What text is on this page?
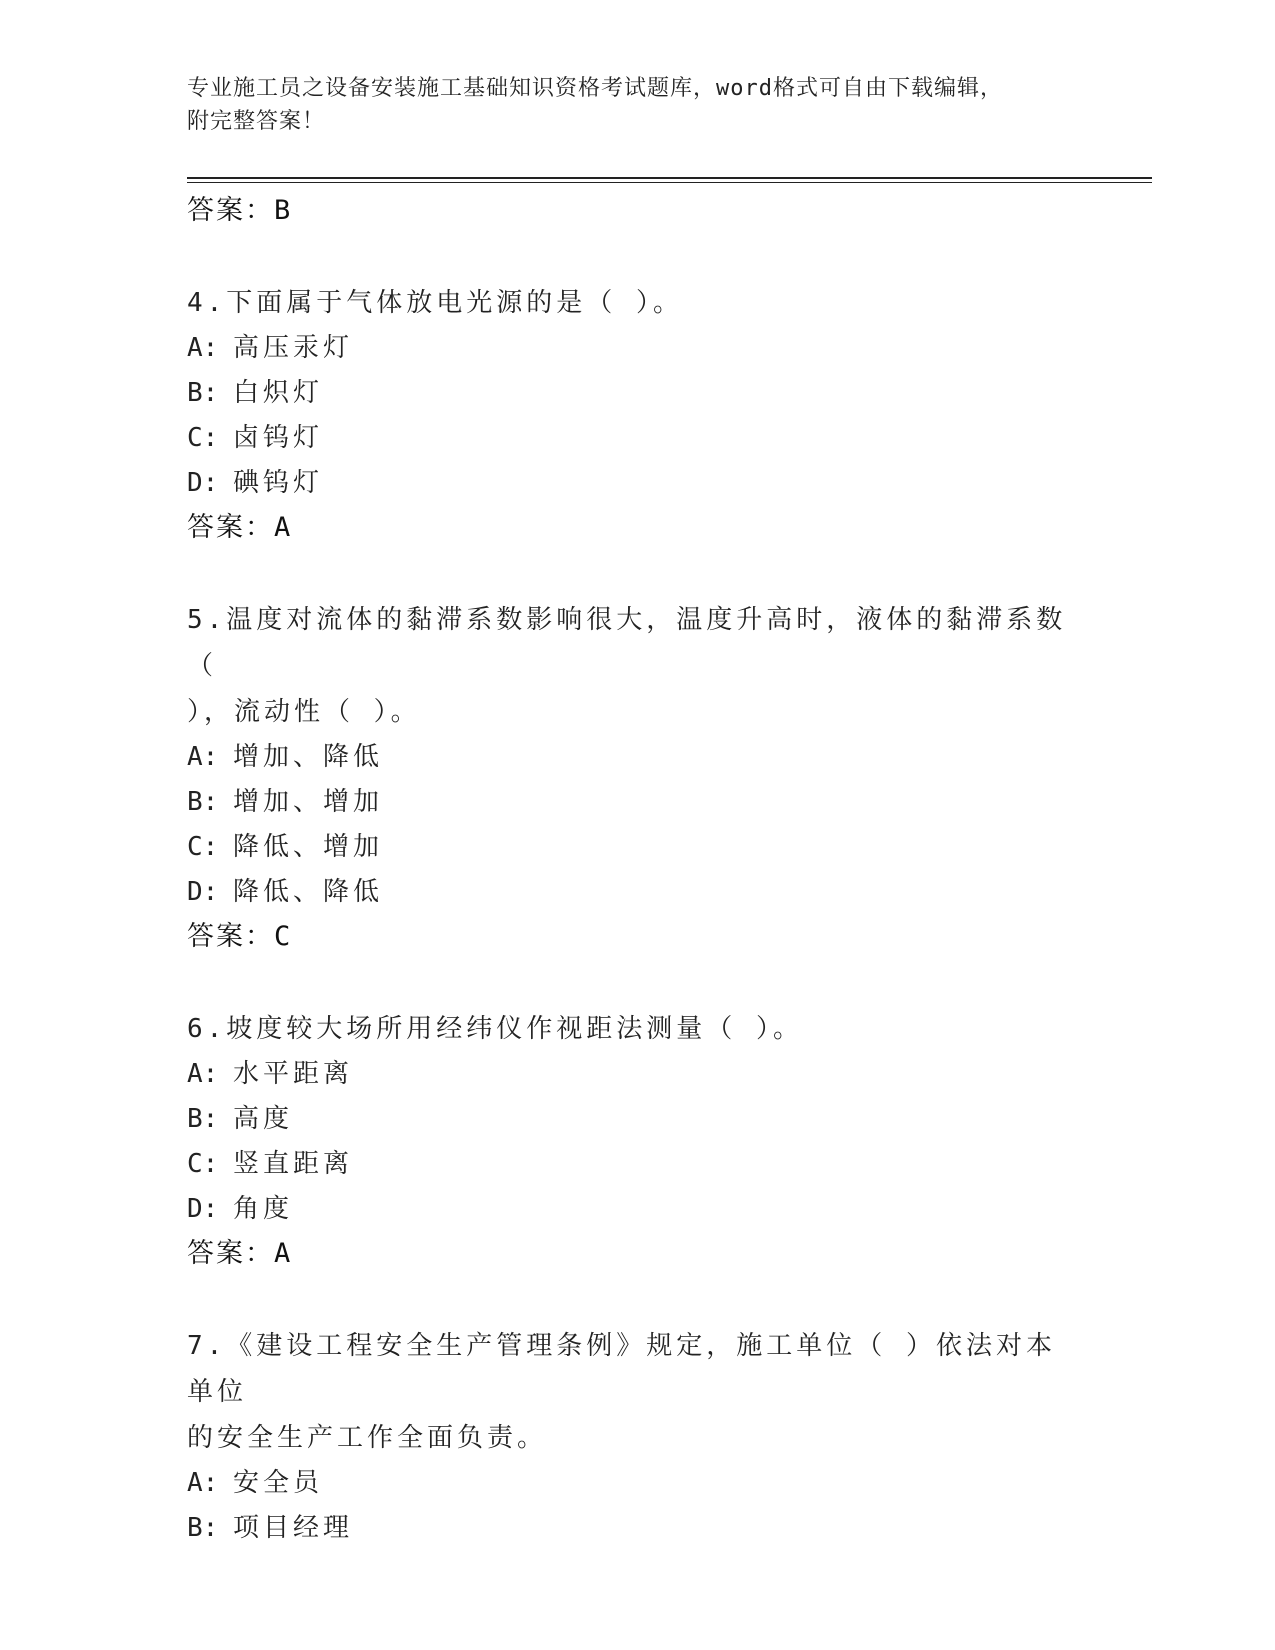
专业施工员之设备安装施工基础知识资格考试题库，word格式可自由下载编辑，
附完整答案！
答案：B
4.下面属于气体放电光源的是（ ）。
A: 高压汞灯
B: 白炽灯
C: 卤钨灯
D: 碘钨灯
答案：A
5.温度对流体的黏滞系数影响很大，温度升高时，液体的黏滞系数（
），流动性（ ）。
A: 增加、降低
B: 增加、增加
C: 降低、增加
D: 降低、降低
答案：C
6.坡度较大场所用经纬仪作视距法测量（ ）。
A: 水平距离
B: 高度
C: 竖直距离
D: 角度
答案：A
7.《建设工程安全生产管理条例》规定，施工单位（ ）依法对本单位
的安全生产工作全面负责。
A: 安全员
B: 项目经理
